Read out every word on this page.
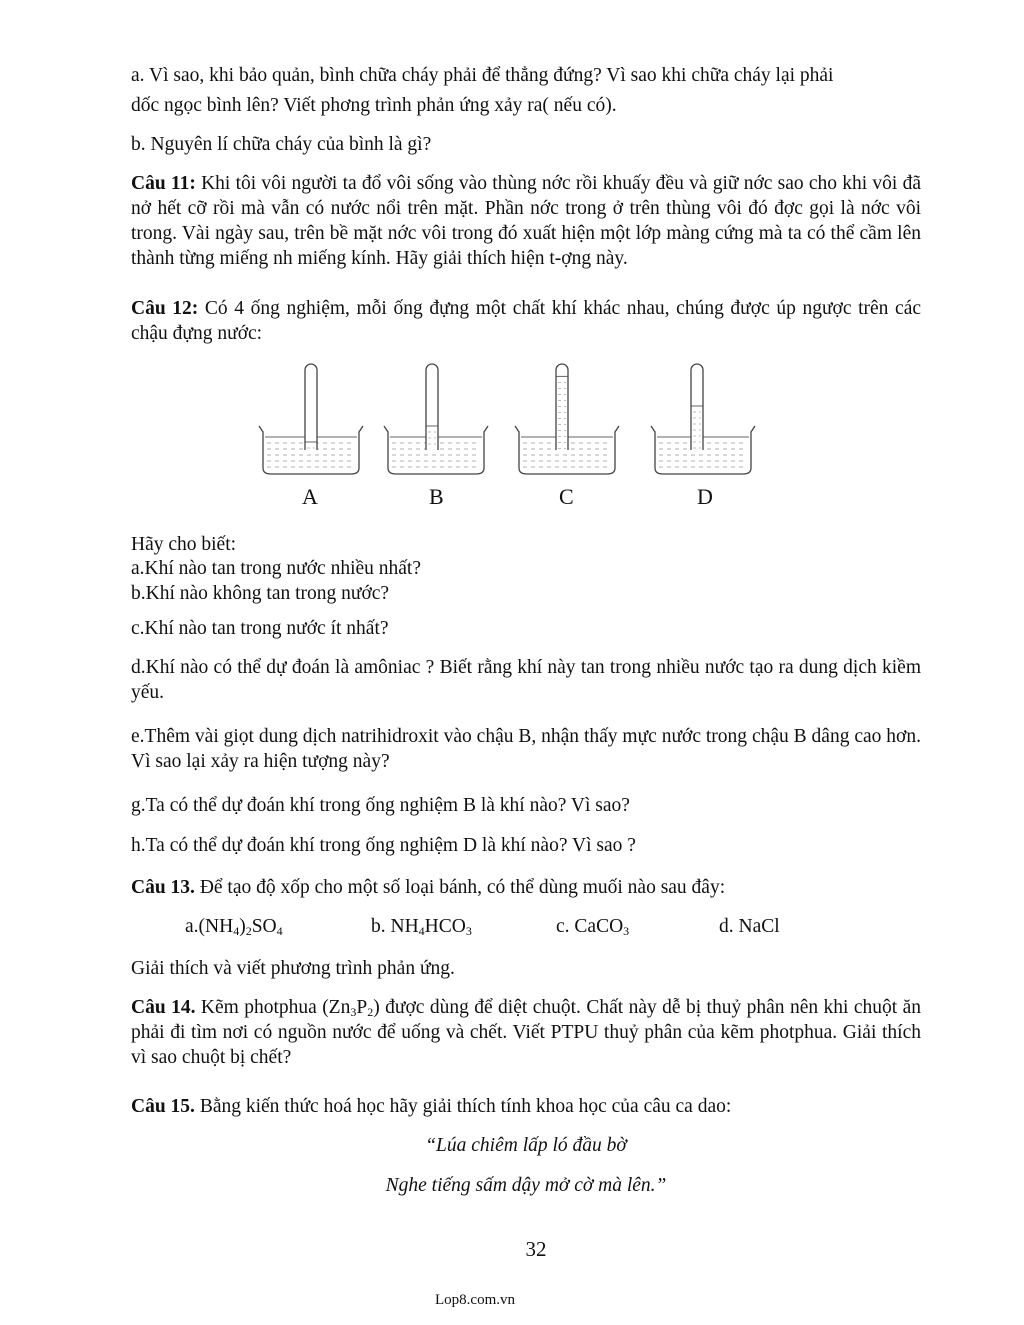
a. Vì sao, khi bảo quản, bình chữa cháy phải để thẳng đứng? Vì sao khi chữa cháy lại phải
dốc ngọc bình lên? Viết phơng trình phản ứng xảy ra( nếu có).
b. Nguyên lí chữa cháy của bình là gì?
Câu 11: Khi tôi vôi người ta đổ vôi sống vào thùng nớc rồi khuấy đều và giữ nớc sao cho khi vôi đã nở hết cỡ rồi mà vẫn có nước nổi trên mặt. Phần nớc trong ở trên thùng vôi đó đợc gọi là nớc vôi trong. Vài ngày sau, trên bề mặt nớc vôi trong đó xuất hiện một lớp màng cứng mà ta có thể cầm lên thành từng miếng nh miếng kính. Hãy giải thích hiện t-ợng này.
Câu 12: Có 4 ống nghiệm, mỗi ống đựng một chất khí khác nhau, chúng được úp ngược trên các chậu đựng nước:
A	B	C	D
Hãy cho biết:
a.Khí nào tan trong nước nhiều nhất?
b.Khí nào không tan trong nước?
c.Khí nào tan trong nước ít nhất?
d.Khí nào có thể dự đoán là amôniac ? Biết rằng khí này tan trong nhiều nước tạo ra dung dịch kiềm yếu.
e.Thêm vài giọt dung dịch natrihidroxit vào chậu B, nhận thấy mực nước trong chậu B dâng cao hơn. Vì sao lại xảy ra hiện tượng này?
g.Ta có thể dự đoán khí trong ống nghiệm B là khí nào? Vì sao?
h.Ta có thể dự đoán khí trong ống nghiệm D là khí nào? Vì sao ?
Câu 13. Để tạo độ xốp cho một số loại bánh, có thể dùng muối nào sau đây:
$a.(NH_4)_2SO_4$	b. $NH_4HCO_3$	c. CaCO$_3$	d. NaCl
Giải thích và viết phương trình phản ứng.
Câu 14. Kẽm photphua $(Zn_3P_2)$ được dùng để diệt chuột. Chất này dễ bị thuỷ phân nên khi chuột ăn phải đi tìm nơi có nguồn nước để uống và chết. Viết PTPU thuỷ phân của kẽm photphua. Giải thích vì sao chuột bị chết?
Câu 15. Bằng kiến thức hoá học hãy giải thích tính khoa học của câu ca dao:
“Lúa chiêm lấp ló đầu bờ
Nghe tiếng sấm dậy mở cờ mà lên.”
32
Lop8.com.vn
